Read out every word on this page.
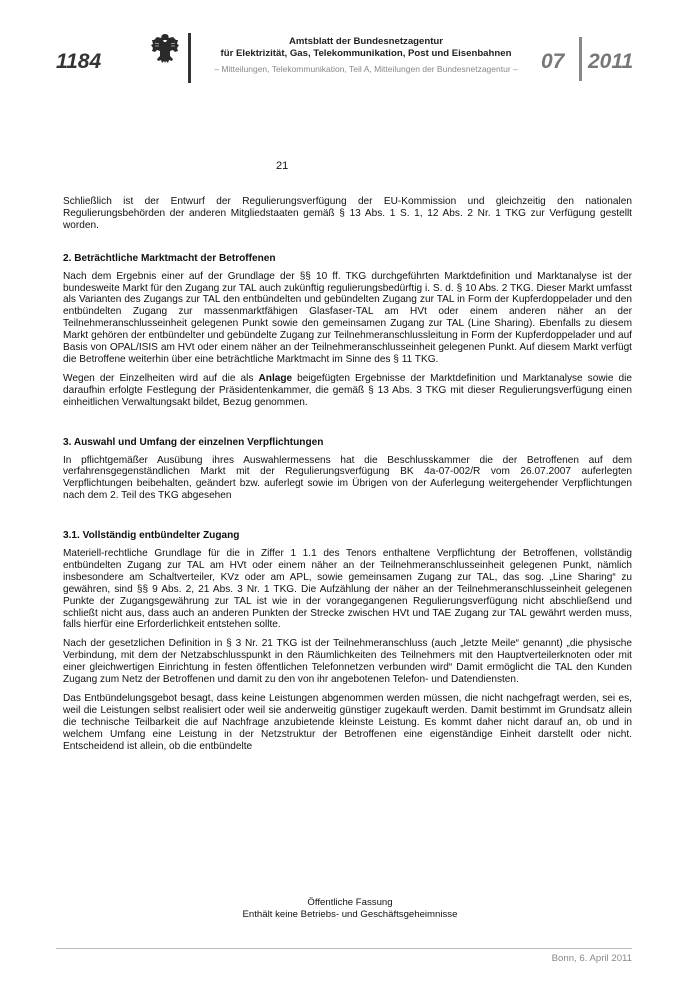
1184
Amtsblatt der Bundesnetzagentur
für Elektrizität, Gas, Telekommunikation, Post und Eisenbahnen
– Mitteilungen, Telekommunikation, Teil A, Mitteilungen der Bundesnetzagentur –	07 2011
21

Schließlich ist der Entwurf der Regulierungsverfügung der EU-Kommission und gleichzeitig den nationalen Regulierungsbehörden der anderen Mitgliedstaaten gemäß § 13 Abs. 1 S. 1, 12 Abs. 2 Nr. 1 TKG zur Verfügung gestellt worden.

2. Beträchtliche Marktmacht der Betroffenen

Nach dem Ergebnis einer auf der Grundlage der §§ 10 ff. TKG durchgeführten Marktdefinition und Marktanalyse ist der bundesweite Markt für den Zugang zur TAL auch zukünftig regulierungsbedürftig i. S. d. § 10 Abs. 2 TKG. Dieser Markt umfasst als Varianten des Zugangs zur TAL den entbündelten und gebündelten Zugang zur TAL in Form der Kupferdoppelader und den entbündelten Zugang zur massenmarktfähigen Glasfaser-TAL am HVt oder einem anderen näher an der Teilnehmeranschlusseinheit gelegenen Punkt sowie den gemeinsamen Zugang zur TAL (Line Sharing). Ebenfalls zu diesem Markt gehören der entbündelter und gebündelte Zugang zur Teilnehmeranschlussleitung in Form der Kupferdoppelader und auf Basis von OPAL/ISIS am HVt oder einem näher an der Teilnehmeranschlusseinheit gelegenen Punkt. Auf diesem Markt verfügt die Betroffene weiterhin über eine beträchtliche Marktmacht im Sinne des § 11 TKG.

Wegen der Einzelheiten wird auf die als Anlage beigefügten Ergebnisse der Marktdefinition und Marktanalyse sowie die daraufhin erfolgte Festlegung der Präsidentenkammer, die gemäß § 13 Abs. 3 TKG mit dieser Regulierungsverfügung einen einheitlichen Verwaltungsakt bildet, Bezug genommen.

3. Auswahl und Umfang der einzelnen Verpflichtungen

In pflichtgemäßer Ausübung ihres Auswahlermessens hat die Beschlusskammer die der Betroffenen auf dem verfahrensgegenständlichen Markt mit der Regulierungsverfügung BK 4a-07-002/R vom 26.07.2007 auferlegten Verpflichtungen beibehalten, geändert bzw. auferlegt sowie im Übrigen von der Auferlegung weitergehender Verpflichtungen nach dem 2. Teil des TKG abgesehen

3.1. Vollständig entbündelter Zugang

Materiell-rechtliche Grundlage für die in Ziffer 1 1.1 des Tenors enthaltene Verpflichtung der Betroffenen, vollständig entbündelten Zugang zur TAL am HVt oder einem näher an der Teilnehmeranschlusseinheit gelegenen Punkt, nämlich insbesondere am Schaltverteiler, KVz oder am APL, sowie gemeinsamen Zugang zur TAL, das sog. „Line Sharing“ zu gewähren, sind §§ 9 Abs. 2, 21 Abs. 3 Nr. 1 TKG. Die Aufzählung der näher an der Teilnehmeranschlusseinheit gelegenen Punkte der Zugangsgewährung zur TAL ist wie in der vorangegangenen Regulierungsverfügung nicht abschließend und schließt nicht aus, dass auch an anderen Punkten der Strecke zwischen HVt und TAE Zugang zur TAL gewährt werden muss, falls hierfür eine Erforderlichkeit entstehen sollte.

Nach der gesetzlichen Definition in § 3 Nr. 21 TKG ist der Teilnehmeranschluss (auch „letzte Meile“ genannt) „die physische Verbindung, mit dem der Netzabschlusspunkt in den Räumlichkeiten des Teilnehmers mit den Hauptverteilerknoten oder mit einer gleichwertigen Einrichtung in festen öffentlichen Telefonnetzen verbunden wird“ Damit ermöglicht die TAL den Kunden Zugang zum Netz der Betroffenen und damit zu den von ihr angebotenen Telefon- und Datendiensten.

Das Entbündelungsgebot besagt, dass keine Leistungen abgenommen werden müssen, die nicht nachgefragt werden, sei es, weil die Leistungen selbst realisiert oder weil sie anderweitig günstiger zugekauft werden. Damit bestimmt im Grundsatz allein die technische Teilbarkeit die auf Nachfrage anzubietende kleinste Leistung. Es kommt daher nicht darauf an, ob und in welchem Umfang eine Leistung in der Netzstruktur der Betroffenen eine eigenständige Einheit darstellt oder nicht. Entscheidend ist allein, ob die entbündelte

Öffentliche Fassung
Enthält keine Betriebs- und Geschäftsgeheimnisse
Bonn, 6. April 2011
